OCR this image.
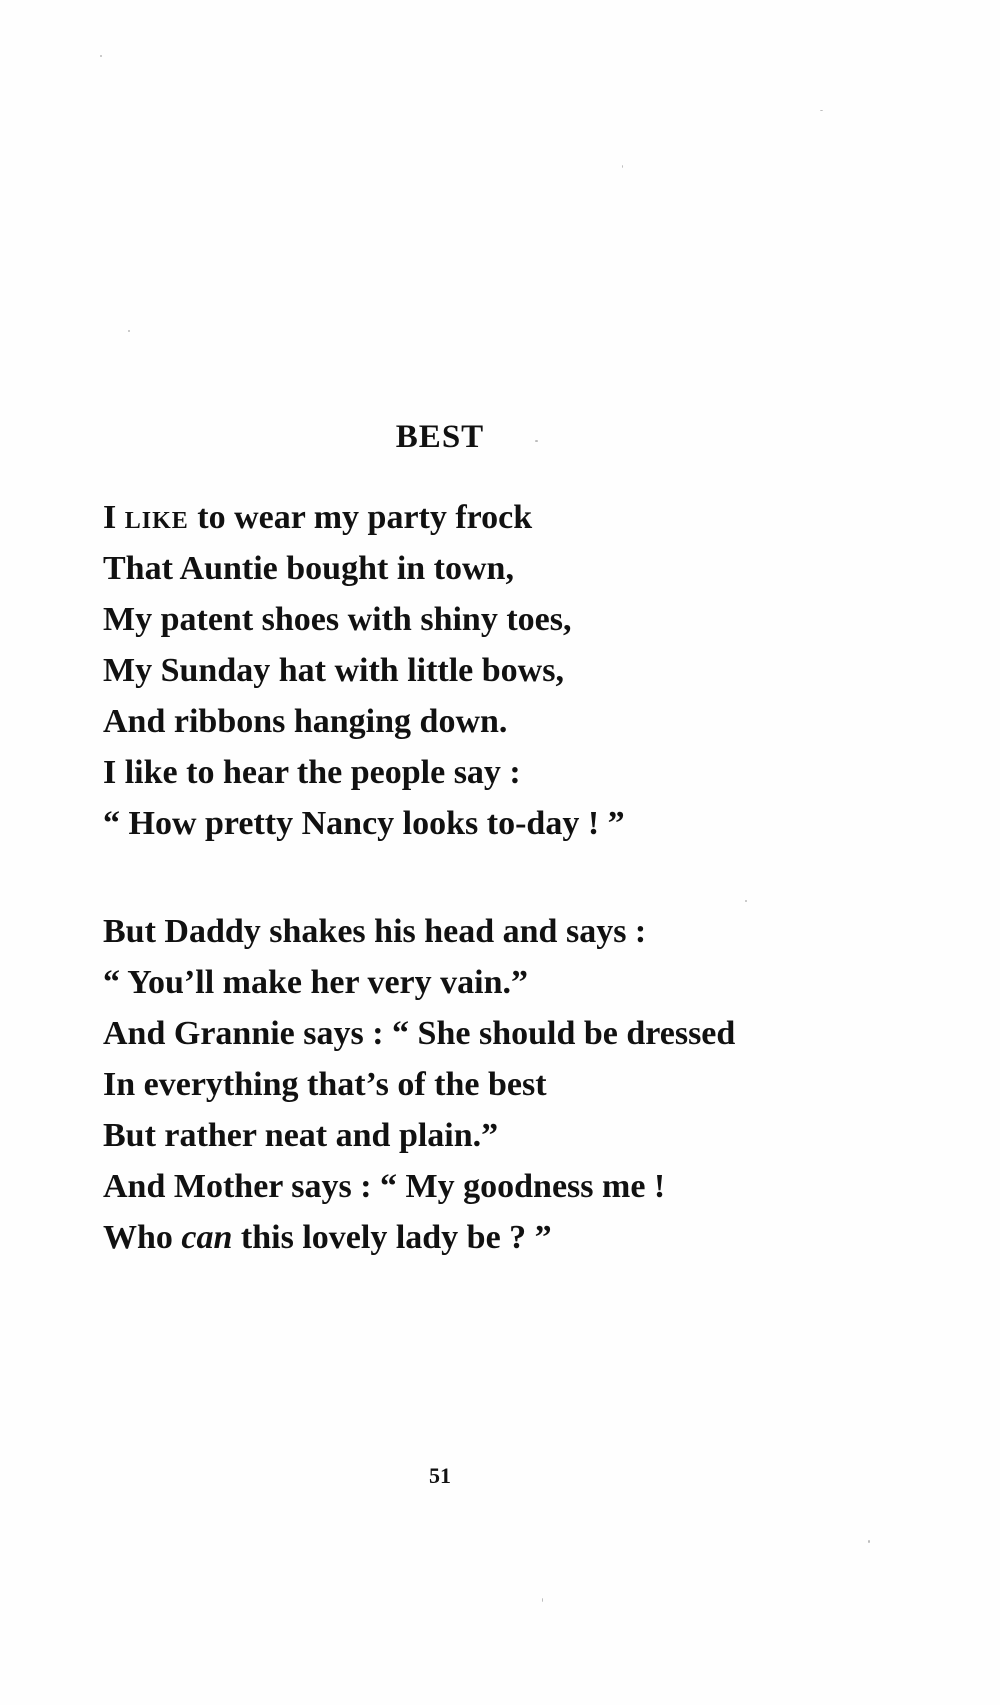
BEST
I like to wear my party frock
That Auntie bought in town,
My patent shoes with shiny toes,
My Sunday hat with little bows,
And ribbons hanging down.
I like to hear the people say :
“ How pretty Nancy looks to-day ! ”
But Daddy shakes his head and says :
“ You’ll make her very vain.”
And Grannie says : “ She should be dressed
In everything that’s of the best
But rather neat and plain.”
And Mother says : “ My goodness me !
Who can this lovely lady be ? ”

51
